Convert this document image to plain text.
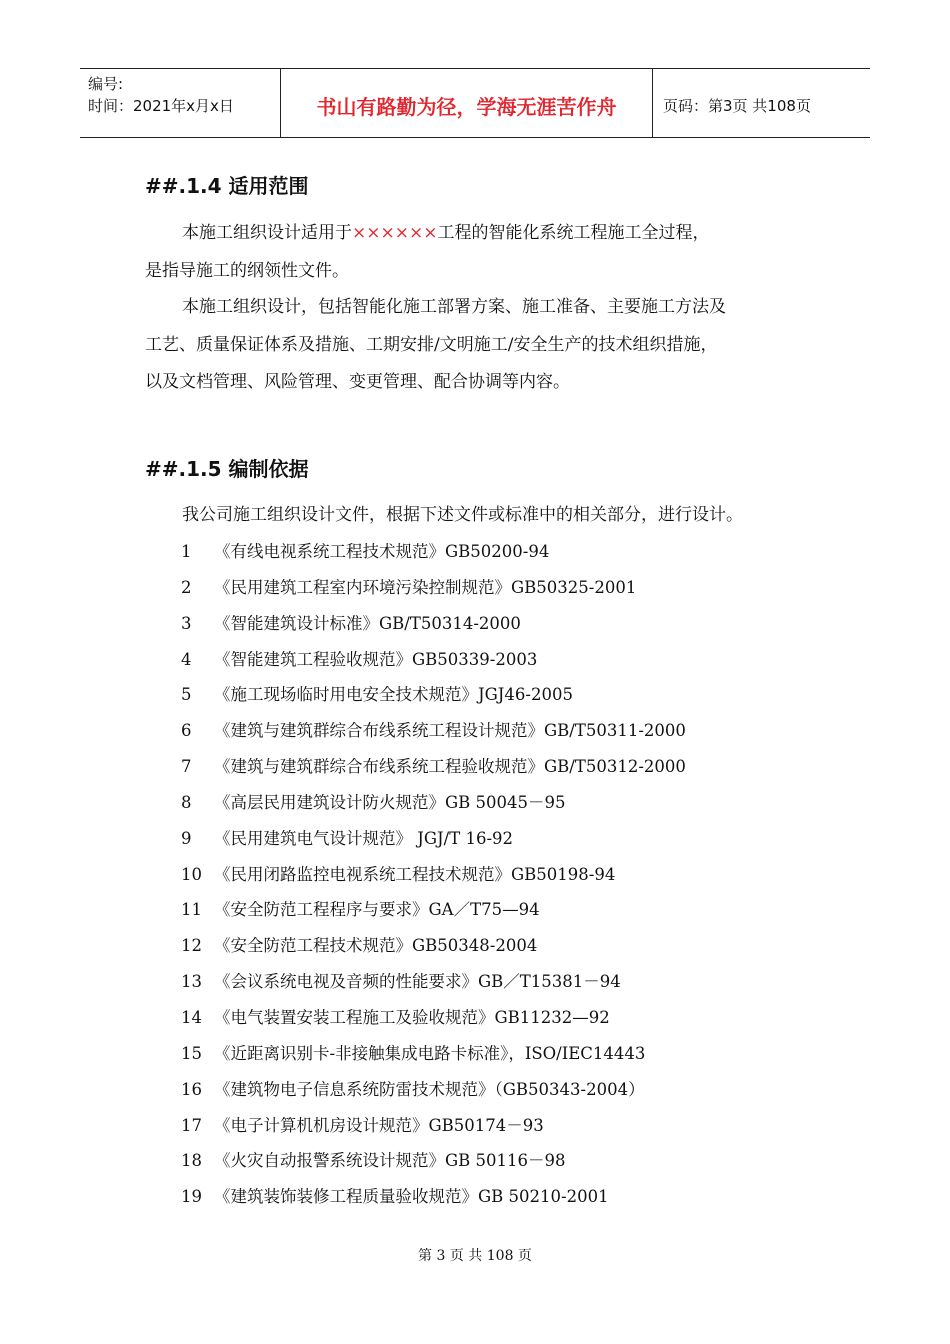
编号:
时间：2021年x月x日	书山有路勤为径，学海无涯苦作舟	页码：第3页 共108页
##.1.4 适用范围
本施工组织设计适用于××××××工程的智能化系统工程施工全过程，
是指导施工的纲领性文件。
本施工组织设计，包括智能化施工部署方案、施工准备、主要施工方法及
工艺、质量保证体系及措施、工期安排/文明施工/安全生产的技术组织措施，
以及文档管理、风险管理、变更管理、配合协调等内容。
##.1.5 编制依据
我公司施工组织设计文件，根据下述文件或标准中的相关部分，进行设计。
1 《有线电视系统工程技术规范》GB50200-94
2 《民用建筑工程室内环境污染控制规范》GB50325-2001
3 《智能建筑设计标准》GB/T50314-2000
4 《智能建筑工程验收规范》GB50339-2003
5 《施工现场临时用电安全技术规范》JGJ46-2005
6 《建筑与建筑群综合布线系统工程设计规范》GB/T50311-2000
7 《建筑与建筑群综合布线系统工程验收规范》GB/T50312-2000
8 《高层民用建筑设计防火规范》GB 50045－95
9 《民用建筑电气设计规范》 JGJ/T 16-92
10 《民用闭路监控电视系统工程技术规范》GB50198-94
11 《安全防范工程程序与要求》GA／T75—94
12 《安全防范工程技术规范》GB50348-2004
13 《会议系统电视及音频的性能要求》GB／T15381－94
14 《电气装置安装工程施工及验收规范》GB11232—92
15 《近距离识别卡-非接触集成电路卡标准》，ISO/IEC14443
16 《建筑物电子信息系统防雷技术规范》（GB50343-2004）
17 《电子计算机机房设计规范》GB50174－93
18 《火灾自动报警系统设计规范》GB 50116－98
19 《建筑装饰装修工程质量验收规范》GB 50210-2001
第 3 页 共 108 页
